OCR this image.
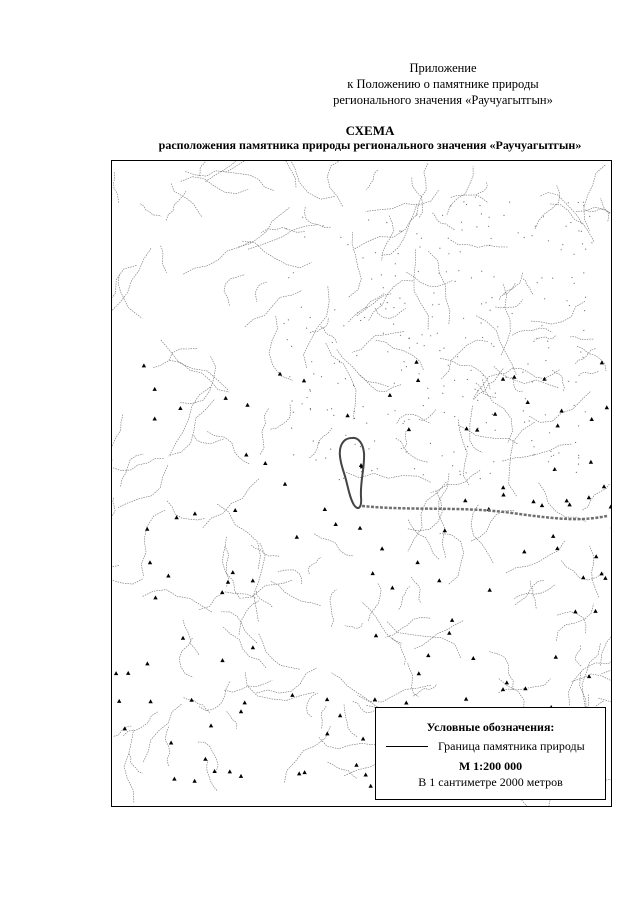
Приложение
к Положению о памятнике природы
регионального значения «Раучуагытгын»
СХЕМА
расположения памятника природы регионального значения «Раучуагытгын»
Условные обозначения:
Граница памятника природы
М 1:200 000
В 1 сантиметре 2000 метров
